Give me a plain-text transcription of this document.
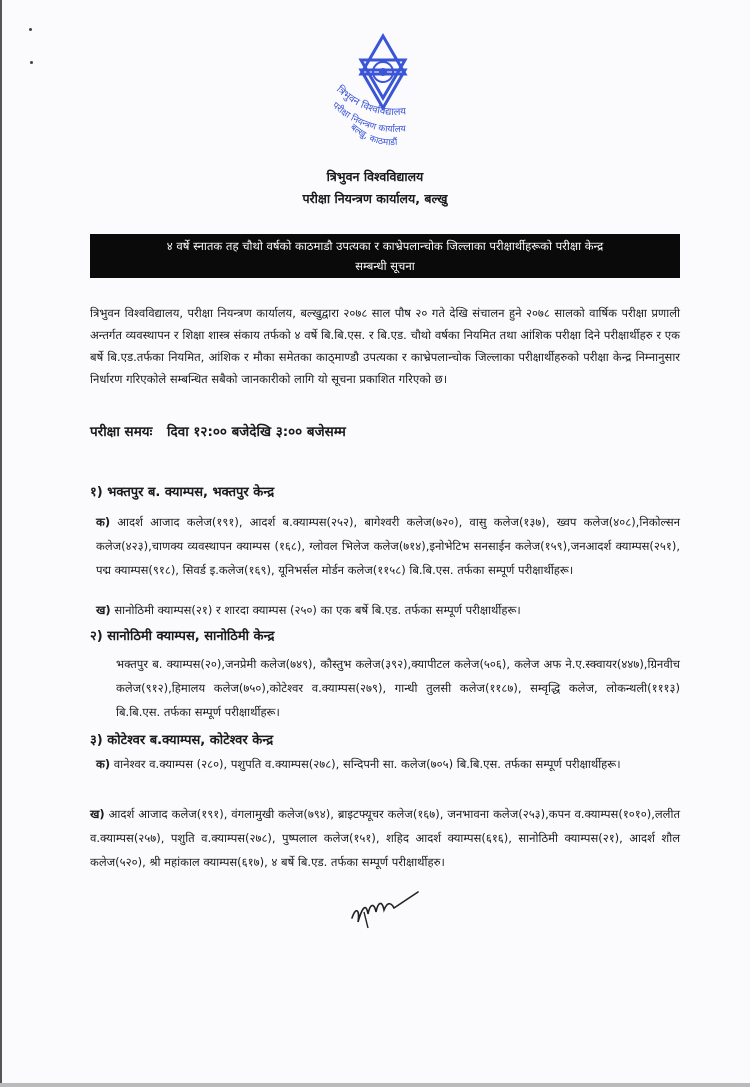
त्रिभुवन विश्वविद्यालय
परीक्षा नियन्त्रण कार्यालय
बल्खु, काठमाडौं
त्रिभुवन विश्वविद्यालय
परीक्षा नियन्त्रण कार्यालय, बल्खु
४ वर्षे स्नातक तह चौथो वर्षको काठमाडौ उपत्यका र काभ्रेपलान्चोक जिल्लाका परीक्षार्थीहरूको परीक्षा केन्द्र
सम्बन्धी सूचना
त्रिभुवन विश्वविद्यालय, परीक्षा नियन्त्रण कार्यालय, बल्खुद्वारा २०७८ साल पौष २० गते देखि संचालन हुने २०७८ सालको वार्षिक परीक्षा प्रणाली अन्तर्गत व्यवस्थापन र शिक्षा शास्त्र संकाय तर्फको ४ वर्षे बि.बि.एस. र बि.एड. चौथो वर्षका नियमित तथा आंशिक परीक्षा दिने परीक्षार्थीहरु र एक बर्षे बि.एड.तर्फका नियमित, आंशिक र मौका समेतका काठ्माण्डौ उपत्यका र काभ्रेपलान्चोक जिल्लाका परीक्षार्थीहरुको परीक्षा केन्द्र निम्नानुसार निर्धारण गरिएकोले सम्बन्धित सबैको जानकारीको लागि यो सूचना प्रकाशित गरिएको छ।
परीक्षा समयः दिवा १२:०० बजेदेखि ३:०० बजेसम्म
१) भक्तपुर ब. क्याम्पस, भक्तपुर केन्द्र
क) आदर्श आजाद कलेज(१९१), आदर्श ब.क्याम्पस(२५२), बागेश्वरी कलेज(७२०), वासु कलेज(१३७), ख्वप कलेज(४०८),निकोल्सन कलेज(४२३),चाणक्य व्यवस्थापन क्याम्पस (१६८), ग्लोवल भिलेज कलेज(७१४),इनोभेटिभ सनसाईन कलेज(१५९),जनआदर्श क्याम्पस(२५१), पद्म क्याम्पस(९१८), सिवर्ड इ.कलेज(१६९), यूनिभर्सल मोर्डन कलेज(११५८) बि.बि.एस. तर्फका सम्पूर्ण परीक्षार्थीहरू।
ख) सानोठिमी क्याम्पस(२१) र शारदा क्याम्पस (२५०) का एक बर्षे बि.एड. तर्फका सम्पूर्ण परीक्षार्थीहरू।
२) सानोठिमी क्याम्पस, सानोठिमी केन्द्र
भक्तपुर ब. क्याम्पस(२०),जनप्रेमी कलेज(७४९), कौस्तुभ कलेज(३९२),क्यापीटल कलेज(५०६), कलेज अफ ने.ए.स्क्वायर(४४७),ग्रिनवीच कलेज(९१२),हिमालय कलेज(७५०),कोटेश्वर व.क्याम्पस(२७९), गान्धी तुलसी कलेज(११८७), सम्वृद्धि कलेज, लोकन्थली(१११३) बि.बि.एस. तर्फका सम्पूर्ण परीक्षार्थीहरू।
३) कोटेश्वर ब.क्याम्पस, कोटेश्वर केन्द्र
क) वानेश्वर व.क्याम्पस (२८०), पशुपति व.क्याम्पस(२७८), सन्दिपनी सा. कलेज(७०५) बि.बि.एस. तर्फका सम्पूर्ण परीक्षार्थीहरू।
ख) आदर्श आजाद कलेज(१९१), वंगलामुखी कलेज(७९४), ब्राइटफ्यूचर कलेज(१६७), जनभावना कलेज(२५३),कपन व.क्याम्पस(१०१०),ललीत व.क्याम्पस(२५७), पशुति व.क्याम्पस(२७८), पुष्पलाल कलेज(१५१), शहिद आदर्श क्याम्पस(६१६), सानोठिमी क्याम्पस(२१), आदर्श शौल कलेज(५२०), श्री महांकाल क्याम्पस(६१७), ४ बर्षे बि.एड. तर्फका सम्पूर्ण परीक्षार्थीहरु।
